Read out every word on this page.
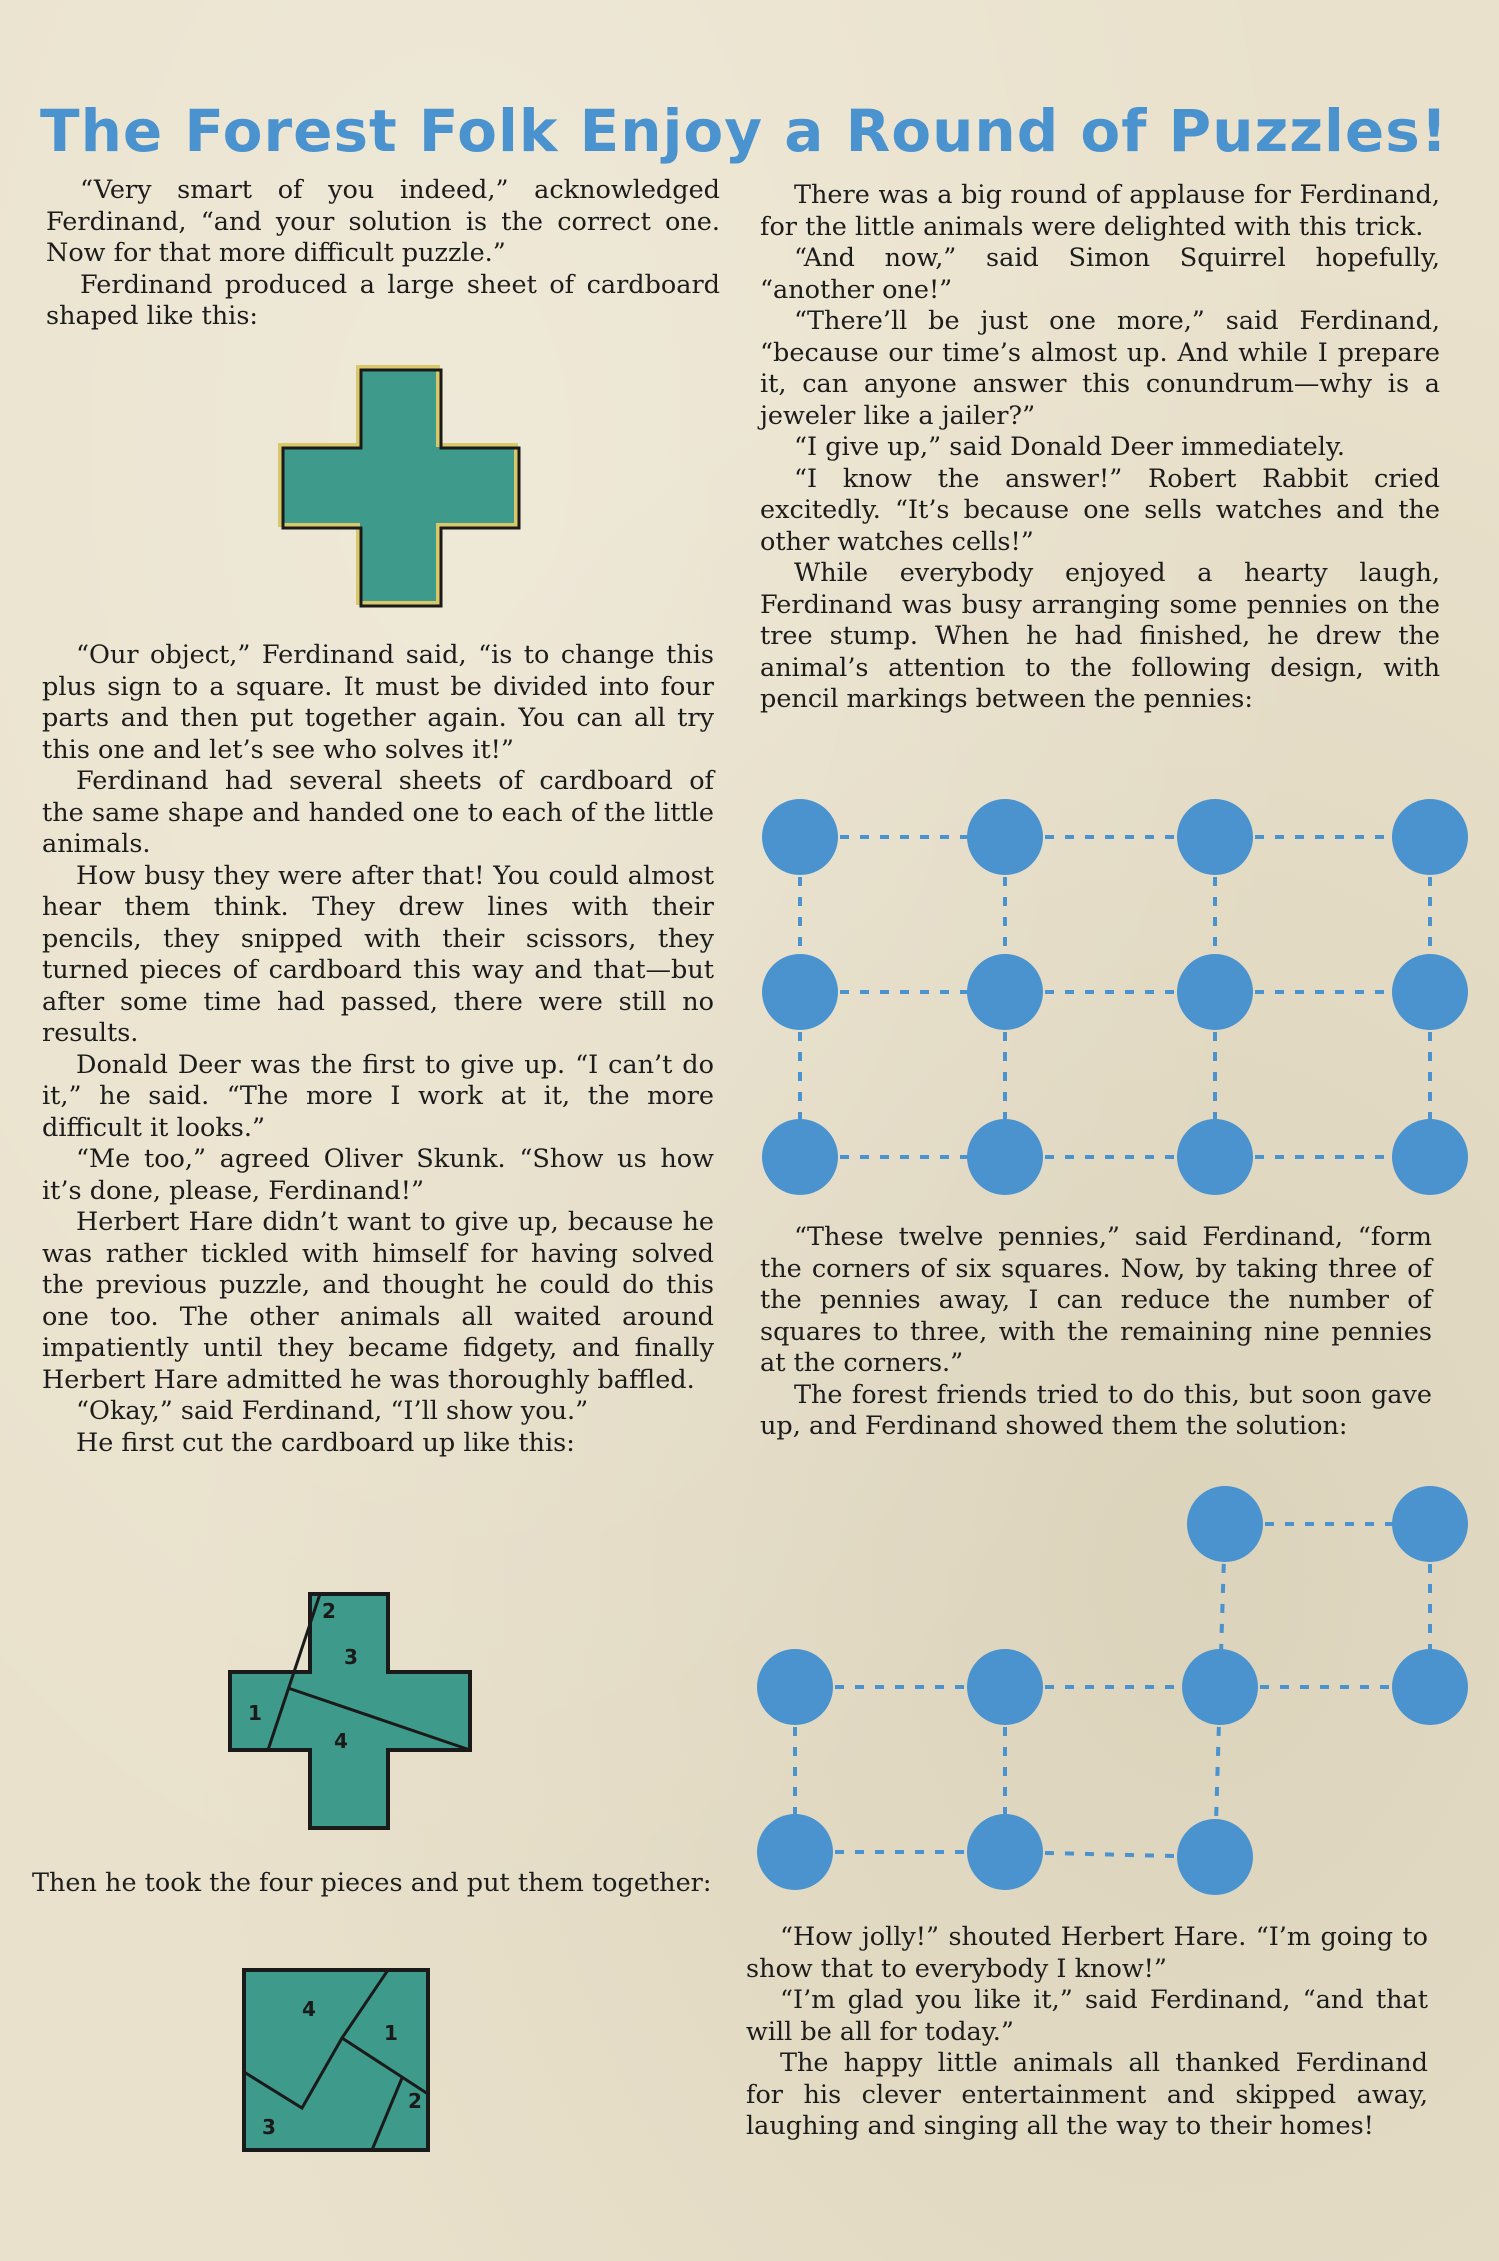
The Forest Folk Enjoy a Round of Puzzles!

“Very smart of you indeed,” acknowledged Ferdinand, “and your solution is the correct one. Now for that more difficult puzzle.”

Ferdinand produced a large sheet of cardboard shaped like this:

“Our object,” Ferdinand said, “is to change this plus sign to a square. It must be divided into four parts and then put together again. You can all try this one and let’s see who solves it!”

Ferdinand had several sheets of cardboard of the same shape and handed one to each of the little animals.

How busy they were after that! You could almost hear them think. They drew lines with their pencils, they snipped with their scissors, they turned pieces of cardboard this way and that—but after some time had passed, there were still no results.

Donald Deer was the first to give up. “I can’t do it,” he said. “The more I work at it, the more difficult it looks.”

“Me too,” agreed Oliver Skunk. “Show us how it’s done, please, Ferdinand!”

Herbert Hare didn’t want to give up, because he was rather tickled with himself for having solved the previous puzzle, and thought he could do this one too. The other animals all waited around impatiently until they became fidgety, and finally Herbert Hare admitted he was thoroughly baffled.

“Okay,” said Ferdinand, “I’ll show you.”

He first cut the cardboard up like this:

1
2
3
4

Then he took the four pieces and put them together:

1
2
3
4

There was a big round of applause for Ferdinand, for the little animals were delighted with this trick.

“And now,” said Simon Squirrel hopefully, “another one!”

“There’ll be just one more,” said Ferdinand, “because our time’s almost up. And while I prepare it, can anyone answer this conundrum—why is a jeweler like a jailer?”

“I give up,” said Donald Deer immediately.

“I know the answer!” Robert Rabbit cried excitedly. “It’s because one sells watches and the other watches cells!”

While everybody enjoyed a hearty laugh, Ferdinand was busy arranging some pennies on the tree stump. When he had finished, he drew the animal’s attention to the following design, with pencil markings between the pennies:

“These twelve pennies,” said Ferdinand, “form the corners of six squares. Now, by taking three of the pennies away, I can reduce the number of squares to three, with the remaining nine pennies at the corners.”

The forest friends tried to do this, but soon gave up, and Ferdinand showed them the solution:

“How jolly!” shouted Herbert Hare. “I’m going to show that to everybody I know!”

“I’m glad you like it,” said Ferdinand, “and that will be all for today.”

The happy little animals all thanked Ferdinand for his clever entertainment and skipped away, laughing and singing all the way to their homes!
